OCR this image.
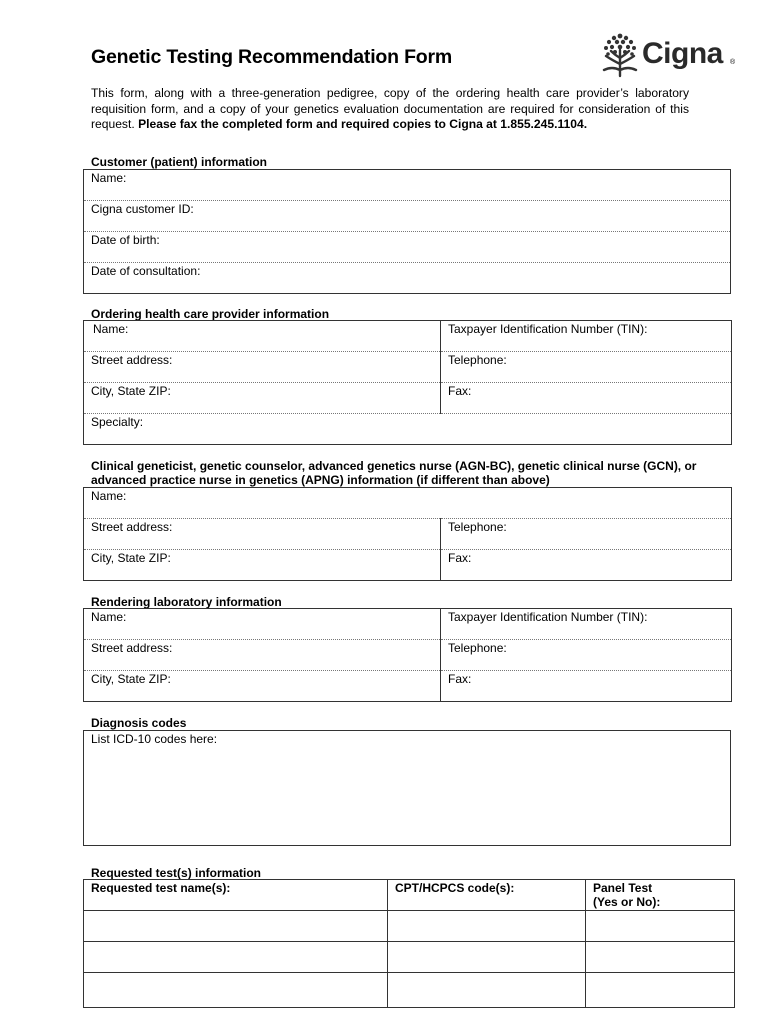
Genetic Testing Recommendation Form	Cigna ®
This form, along with a three-generation pedigree, copy of the ordering health care provider’s laboratory requisition form, and a copy of your genetics evaluation documentation are required for consideration of this request. Please fax the completed form and required copies to Cigna at 1.855.245.1104.
Customer (patient) information
Name:
Cigna customer ID:
Date of birth:
Date of consultation:
Ordering health care provider information
Name:	Taxpayer Identification Number (TIN):
Street address:	Telephone:
City, State ZIP:	Fax:
Specialty:	
Clinical geneticist, genetic counselor, advanced genetics nurse (AGN-BC), genetic clinical nurse (GCN), or
advanced practice nurse in genetics (APNG) information (if different than above)
Name:	
Street address:	Telephone:
City, State ZIP:	Fax:
Rendering laboratory information
Name:	Taxpayer Identification Number (TIN):
Street address:	Telephone:
City, State ZIP:	Fax:
Diagnosis codes
List ICD-10 codes here:
Requested test(s) information
Requested test name(s):	CPT/HCPCS code(s):	Panel Test
(Yes or No):
